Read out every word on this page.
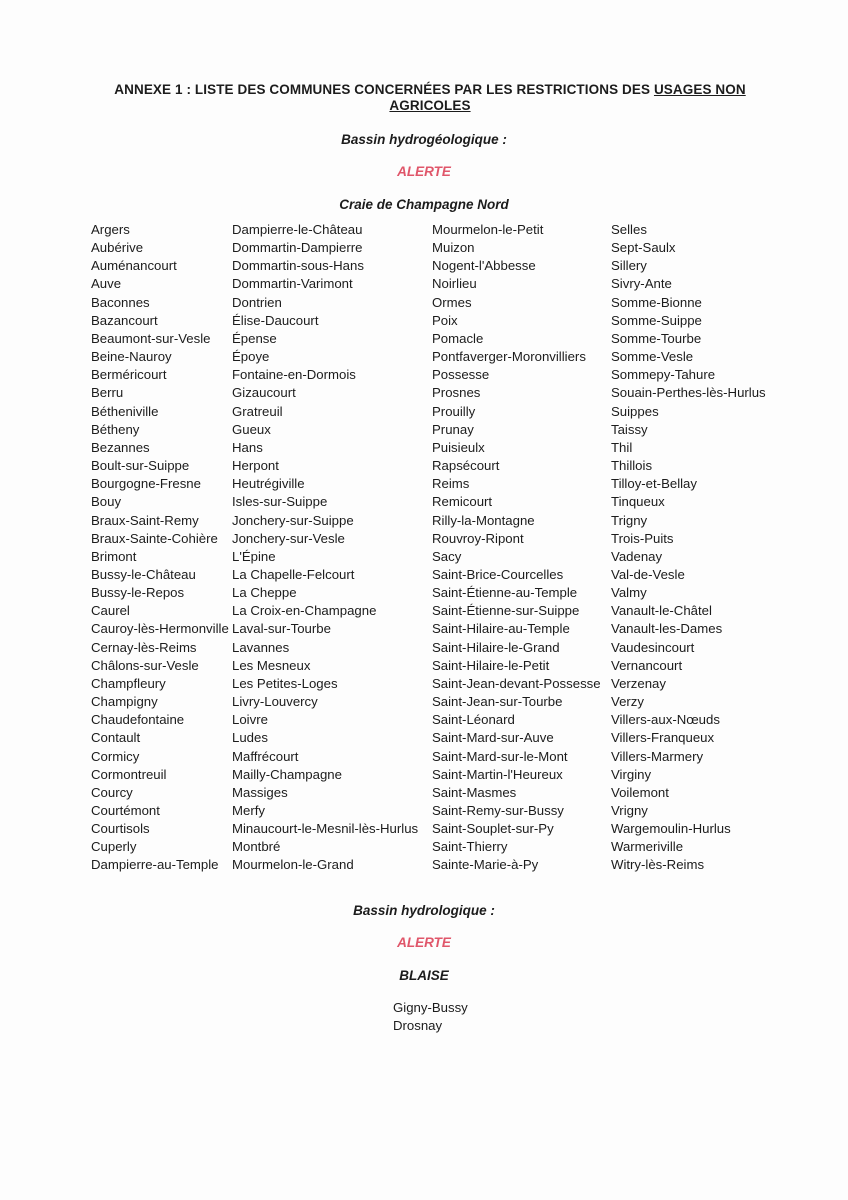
ANNEXE 1 : LISTE DES COMMUNES CONCERNÉES PAR LES RESTRICTIONS DES USAGES NON AGRICOLES
Bassin hydrogéologique :
ALERTE
Craie de Champagne Nord
Argers
Aubérive
Auménancourt
Auve
Baconnes
Bazancourt
Beaumont-sur-Vesle
Beine-Nauroy
Berméricourt
Berru
Bétheniville
Bétheny
Bezannes
Boult-sur-Suippe
Bourgogne-Fresne
Bouy
Braux-Saint-Remy
Braux-Sainte-Cohière
Brimont
Bussy-le-Château
Bussy-le-Repos
Caurel
Cauroy-lès-Hermonville
Cernay-lès-Reims
Châlons-sur-Vesle
Champfleury
Champigny
Chaudefontaine
Contault
Cormicy
Cormontreuil
Courcy
Courtémont
Courtisols
Cuperly
Dampierre-au-Temple
Dampierre-le-Château
Dommartin-Dampierre
Dommartin-sous-Hans
Dommartin-Varimont
Dontrien
Élise-Daucourt
Épense
Époye
Fontaine-en-Dormois
Gizaucourt
Gratreuil
Gueux
Hans
Herpont
Heutrégiville
Isles-sur-Suippe
Jonchery-sur-Suippe
Jonchery-sur-Vesle
L'Épine
La Chapelle-Felcourt
La Cheppe
La Croix-en-Champagne
Laval-sur-Tourbe
Lavannes
Les Mesneux
Les Petites-Loges
Livry-Louvercy
Loivre
Ludes
Maffrécourt
Mailly-Champagne
Massiges
Merfy
Minaucourt-le-Mesnil-lès-Hurlus
Montbré
Mourmelon-le-Grand
Mourmelon-le-Petit
Muizon
Nogent-l'Abbesse
Noirlieu
Ormes
Poix
Pomacle
Pontfaverger-Moronvilliers
Possesse
Prosnes
Prouilly
Prunay
Puisieulx
Rapsécourt
Reims
Remicourt
Rilly-la-Montagne
Rouvroy-Ripont
Sacy
Saint-Brice-Courcelles
Saint-Étienne-au-Temple
Saint-Étienne-sur-Suippe
Saint-Hilaire-au-Temple
Saint-Hilaire-le-Grand
Saint-Hilaire-le-Petit
Saint-Jean-devant-Possesse
Saint-Jean-sur-Tourbe
Saint-Léonard
Saint-Mard-sur-Auve
Saint-Mard-sur-le-Mont
Saint-Martin-l'Heureux
Saint-Masmes
Saint-Remy-sur-Bussy
Saint-Souplet-sur-Py
Saint-Thierry
Sainte-Marie-à-Py
Selles
Sept-Saulx
Sillery
Sivry-Ante
Somme-Bionne
Somme-Suippe
Somme-Tourbe
Somme-Vesle
Sommepy-Tahure
Souain-Perthes-lès-Hurlus
Suippes
Taissy
Thil
Thillois
Tilloy-et-Bellay
Tinqueux
Trigny
Trois-Puits
Vadenay
Val-de-Vesle
Valmy
Vanault-le-Châtel
Vanault-les-Dames
Vaudesincourt
Vernancourt
Verzenay
Verzy
Villers-aux-Nœuds
Villers-Franqueux
Villers-Marmery
Virginy
Voilemont
Vrigny
Wargemoulin-Hurlus
Warmeriville
Witry-lès-Reims
Bassin hydrologique :
ALERTE
BLAISE
Gigny-Bussy
Drosnay
